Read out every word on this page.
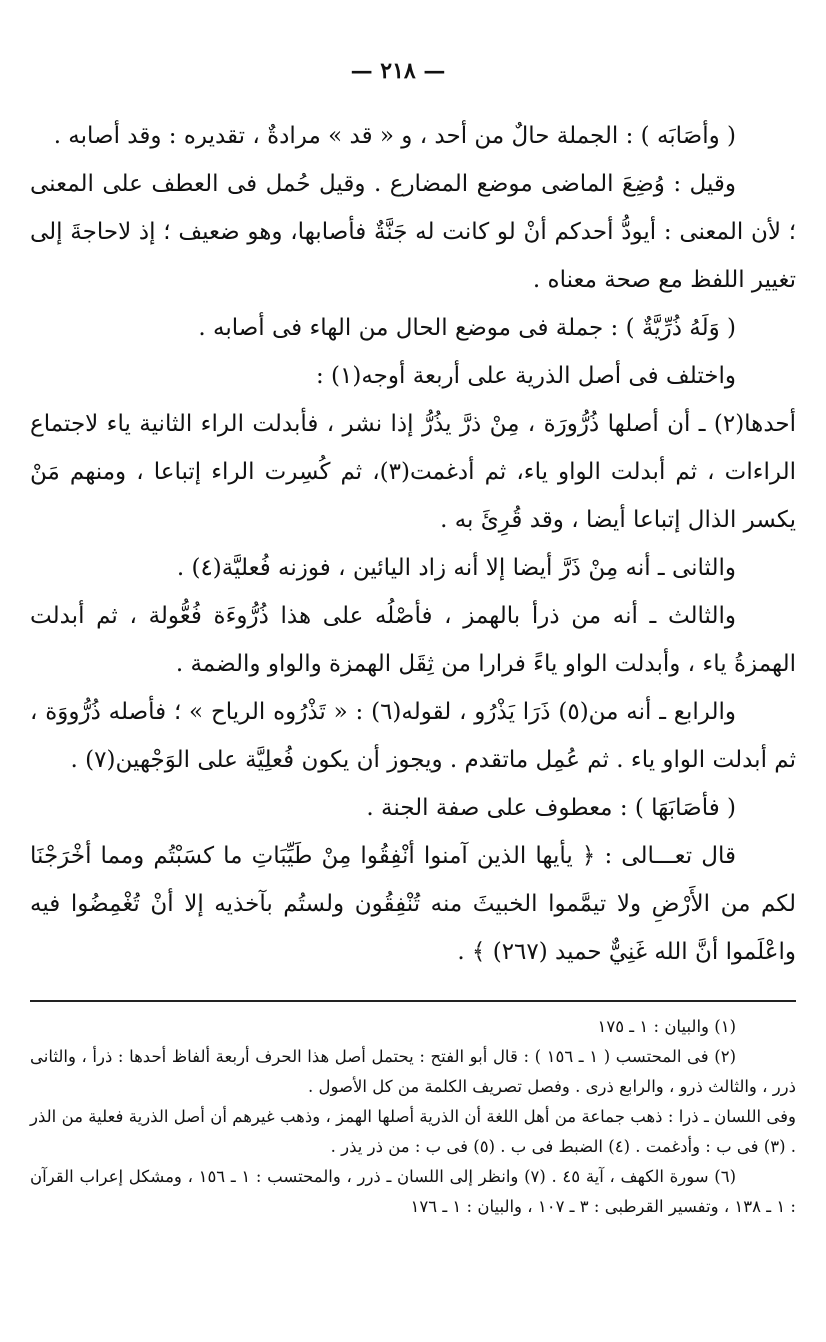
— ٢١٨ —

( وأصَابَه ) : الجملة حالٌ من أحد ، و « قد » مرادةٌ ، تقديره : وقد أصابه .

وقيل : وُضِعَ الماضى موضع المضارع . وقيل حُمل فى العطف على المعنى ؛ لأن المعنى : أيودُّ أحدكم أنْ لو كانت له جَنَّةٌ فأصابها، وهو ضعيف ؛ إذ لاحاجةَ إلى تغيير اللفظ مع صحة معناه .

( وَلَهُ ذُرِّيَّةٌ ) : جملة فى موضع الحال من الهاء فى أصابه .

واختلف فى أصل الذرية على أربعة أوجه(١) :

أحدها(٢) ـ أن أصلها ذُرُّورَة ، مِنْ ذرَّ يذُرُّ إذا نشر ، فأبدلت الراء الثانية ياء لاجتماع الراءات ، ثم أبدلت الواو ياء، ثم أدغمت(٣)، ثم كُسِرت الراء إتباعا ، ومنهم مَنْ يكسر الذال إتباعا أيضا ، وقد قُرِئَ به .

والثانى ـ أنه مِنْ ذَرَّ أيضا إلا أنه زاد اليائين ، فوزنه فُعليَّة(٤) .

والثالث ـ أنه من ذرأ بالهمز ، فأصْلُه على هذا ذُرُّوءَة فُعُّولة ، ثم أبدلت الهمزةُ ياء ، وأبدلت الواو ياءً فرارا من ثِقَل الهمزة والواو والضمة .

والرابع ـ أنه من(٥) ذَرَا يَذْرُو ، لقوله(٦) : « تَذْرُوه الرياح » ؛ فأصله ذُرُّووَة ، ثم أبدلت الواو ياء . ثم عُمِل ماتقدم . ويجوز أن يكون فُعلِيَّة على الوَجْهين(٧) .

( فأصَابَهَا ) : معطوف على صفة الجنة .

قال تعـــالى : ﴿ يأيها الذين آمنوا أنْفِقُوا مِنْ طَيِّبَاتِ ما كسَبْتُم ومما أخْرَجْنَا لكم من الأَرْضِ ولا تيمَّموا الخبيثَ منه تُنْفِقُون ولستُم بآخذيه إلا أنْ تُغْمِضُوا فيه واعْلَموا أنَّ الله غَنِيٌّ حميد (٢٦٧) ﴾ .

(١) والبيان : ١ ـ ١٧٥

(٢) فى المحتسب ( ١ ـ ١٥٦ ) : قال أبو الفتح : يحتمل أصل هذا الحرف أربعة ألفاظ أحدها : ذرأ ، والثانى ذرر ، والثالث ذرو ، والرابع ذرى . وفصل تصريف الكلمة من كل الأصول .

وفى اللسان ـ ذرا : ذهب جماعة من أهل اللغة أن الذرية أصلها الهمز ، وذهب غيرهم أن أصل الذرية فعلية من الذر . (٣) فى ب : وأدغمت . (٤) الضبط فى ب . (٥) فى ب : من ذر يذر .

(٦) سورة الكهف ، آية ٤٥ . (٧) وانظر إلى اللسان ـ ذرر ، والمحتسب : ١ ـ ١٥٦ ، ومشكل إعراب القرآن : ١ ـ ١٣٨ ، وتفسير القرطبى : ٣ ـ ١٠٧ ، والبيان : ١ ـ ١٧٦
